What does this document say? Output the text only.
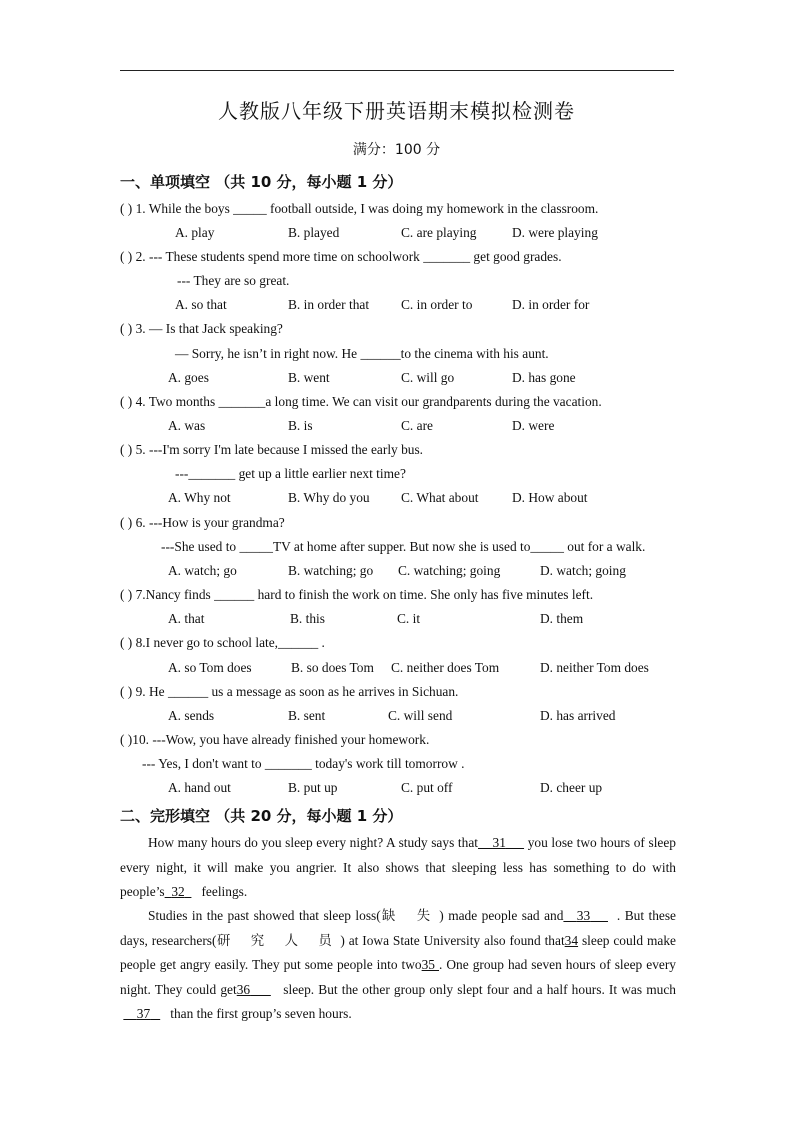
人教版八年级下册英语期末模拟检测卷
满分：100 分
一、单项填空 （共 10 分，每小题 1 分）
( ) 1. While the boys _____ football outside, I was doing my homework in the classroom.
A. play	B. played	C. are playing	D. were playing
( ) 2. --- These students spend more time on schoolwork _______ get good grades.
--- They are so great.
A. so that	B. in order that C. in order to	D. in order for
( ) 3. — Is that Jack speaking?
— Sorry, he isn’t in right now. He ______to the cinema with his aunt.
A. goes	B. went	C. will go	D. has gone
( ) 4. Two months _______a long time. We can visit our grandparents during the vacation.
A. was	B. is	C. are	D. were
( ) 5. ---I'm sorry I'm late because I missed the early bus.
---_______ get up a little earlier next time?
A. Why not	B. Why do you C. What about	D. How about
( ) 6. ---How is your grandma?
---She used to _____TV at home after supper. But now she is used to_____ out for a walk.
A. watch; go	B. watching; go C. watching; going	D. watch; going
( ) 7.Nancy finds ______ hard to finish the work on time. She only has five minutes left.
A. that	B. this	C. it	D. them
( ) 8.I never go to school late,______ .
A. so Tom does	B. so does Tom C. neither does Tom	D. neither Tom does
( ) 9. He ______ us a message as soon as he arrives in Sichuan.
A. sends	B. sent	C. will send	D. has arrived
( )10. ---Wow, you have already finished your homework.
--- Yes, I don't want to _______ today's work till tomorrow .
A. hand out	B. put up	C. put off	D. cheer up
二、完形填空 （共 20 分，每小题 1 分）
How many hours do you sleep every night? A study says that 31 you lose two hours of sleep every night, it will make you angrier. It also shows that sleeping less has something to do with people’s 32 feelings.
Studies in the past showed that sleep loss(缺 失) made people sad and 33 . But these days, researchers(研 究 人 员) at Iowa State University also found that34 sleep could make people get angry easily. They put some people into two35 . One group had seven hours of sleep every night. They could get36 sleep. But the other group only slept four and a half hours. It was much      37 than the first group’s seven hours.
